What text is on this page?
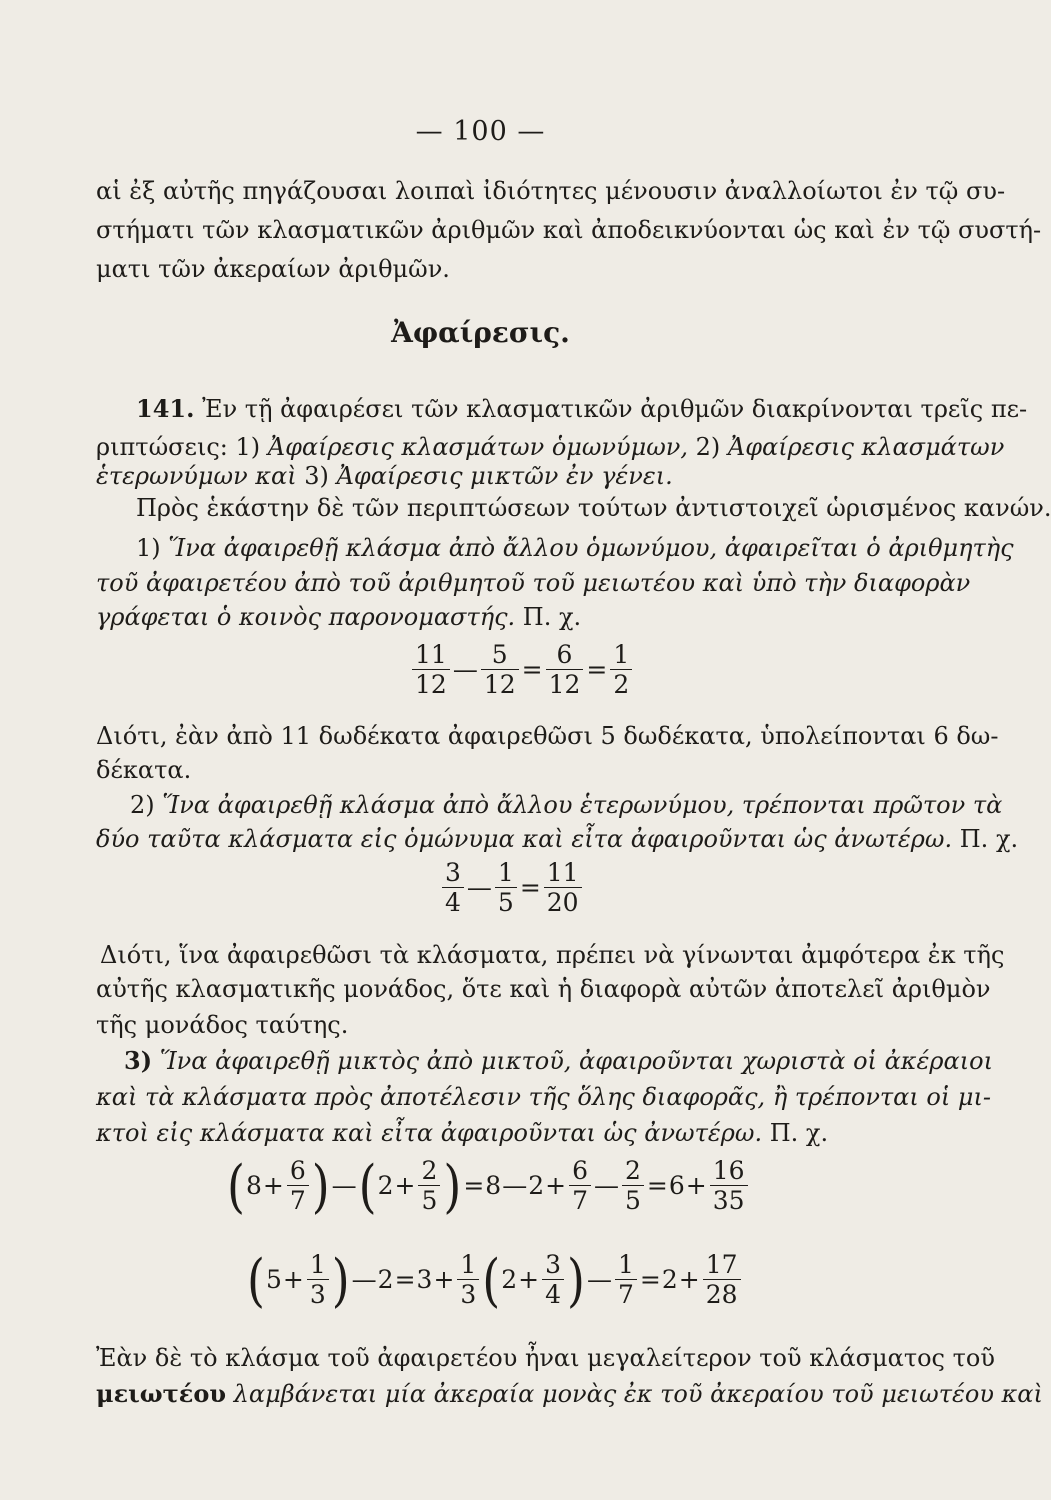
— 100 —
αἱ ἐξ αὐτῆς πηγάζουσαι λοιπαὶ ἰδιότητες μένουσιν ἀναλλοίωτοι ἐν τῷ συ-
στήματι τῶν κλασματικῶν ἀριθμῶν καὶ ἀποδεικνύονται ὡς καὶ ἐν τῷ συστή-
ματι τῶν ἀκεραίων ἀριθμῶν.
Ἀφαίρεσις.
141. Ἐν τῇ ἀφαιρέσει τῶν κλασματικῶν ἀριθμῶν διακρίνονται τρεῖς πε-
ριπτώσεις: 1) Ἀφαίρεσις κλασμάτων ὁμωνύμων, 2) Ἀφαίρεσις κλασμάτων
ἑτερωνύμων καὶ 3) Ἀφαίρεσις μικτῶν ἐν γένει.
Πρὸς ἑκάστην δὲ τῶν περιπτώσεων τούτων ἀντιστοιχεῖ ὡρισμένος κανών.
1) Ἵνα ἀφαιρεθῇ κλάσμα ἀπὸ ἄλλου ὁμωνύμου, ἀφαιρεῖται ὁ ἀριθμητὴς
τοῦ ἀφαιρετέου ἀπὸ τοῦ ἀριθμητοῦ τοῦ μειωτέου καὶ ὑπὸ τὴν διαφορὰν
γράφεται ὁ κοινὸς παρονομαστής. Π. χ.
$\frac{11}{12}$ — $\frac{5}{12} = \frac{6}{12} = \frac{1}{2}$
Διότι, ἐὰν ἀπὸ 11 δωδέκατα ἀφαιρεθῶσι 5 δωδέκατα, ὑπολείπονται 6 δω-
δέκατα.
2) Ἵνα ἀφαιρεθῇ κλάσμα ἀπὸ ἄλλου ἑτερωνύμου, τρέπονται πρῶτον τὰ
δύο ταῦτα κλάσματα εἰς ὁμώνυμα καὶ εἶτα ἀφαιροῦνται ὡς ἀνωτέρω. Π. χ.
$\frac{3}{4}$ — $\frac{1}{5} = \frac{11}{20}$
Διότι, ἵνα ἀφαιρεθῶσι τὰ κλάσματα, πρέπει νὰ γίνωνται ἀμφότερα ἐκ τῆς
αὐτῆς κλασματικῆς μονάδος, ὅτε καὶ ἡ διαφορὰ αὐτῶν ἀποτελεῖ ἀριθμὸν
τῆς μονάδος ταύτης.
3) Ἵνα ἀφαιρεθῇ μικτὸς ἀπὸ μικτοῦ, ἀφαιροῦνται χωριστὰ οἱ ἀκέραιοι
καὶ τὰ κλάσματα πρὸς ἀποτέλεσιν τῆς ὅλης διαφορᾶς, ἢ τρέπονται οἱ μι-
κτοὶ εἰς κλάσματα καὶ εἶτα ἀφαιροῦνται ὡς ἀνωτέρω. Π. χ.
( $8 + \frac{6}{7}$ ) — ( $2 + \frac{2}{5}$ ) = 8 — $2 + \frac{6}{7}$ — $\frac{2}{5} = 6 + \frac{16}{35}$
( $5 + \frac{1}{3}$ ) — $2 = 3 + \frac{1}{3}$ ( $2 + \frac{3}{4}$ ) — $\frac{1}{7} = 2 + \frac{17}{28}$
Ἐὰν δὲ τὸ κλάσμα τοῦ ἀφαιρετέου ἦναι μεγαλείτερον τοῦ κλάσματος τοῦ
μειωτέου λαμβάνεται μία ἀκεραία μονὰς ἐκ τοῦ ἀκεραίου τοῦ μειωτέου καὶ
